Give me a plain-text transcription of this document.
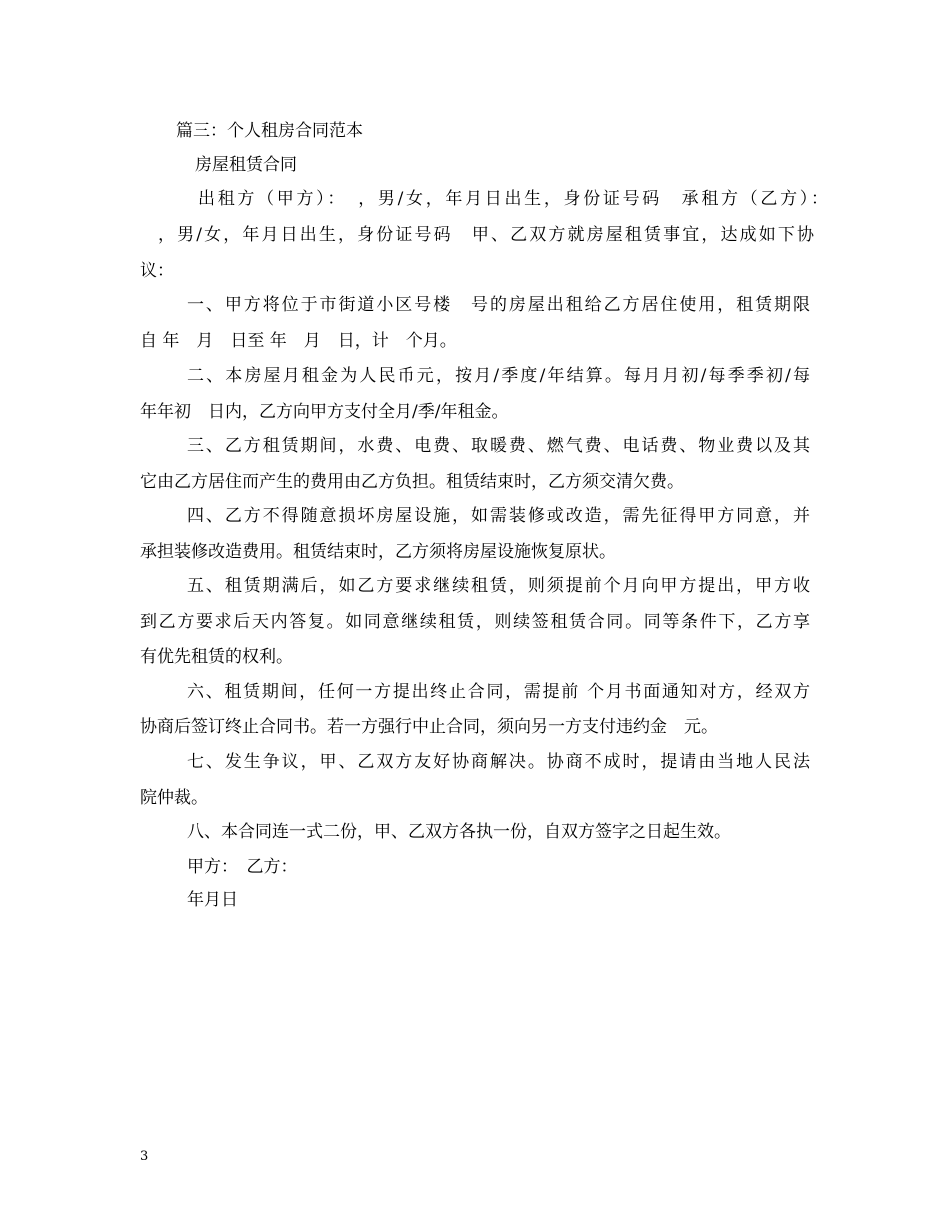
篇三：个人租房合同范本
房屋租赁合同
出租方（甲方）：　，男/女，年月日出生，身份证号码　承租方（乙方）：
，男/女，年月日出生，身份证号码　甲、乙双方就房屋租赁事宜，达成如下协
议：
一、甲方将位于市街道小区号楼　号的房屋出租给乙方居住使用，租赁期限
自 年　月　日至 年　月　日，计　个月。
二、本房屋月租金为人民币元，按月/季度/年结算。每月月初/每季季初/每
年年初　日内，乙方向甲方支付全月/季/年租金。
三、乙方租赁期间，水费、电费、取暖费、燃气费、电话费、物业费以及其
它由乙方居住而产生的费用由乙方负担。租赁结束时，乙方须交清欠费。
四、乙方不得随意损坏房屋设施，如需装修或改造，需先征得甲方同意，并
承担装修改造费用。租赁结束时，乙方须将房屋设施恢复原状。
五、租赁期满后，如乙方要求继续租赁，则须提前个月向甲方提出，甲方收
到乙方要求后天内答复。如同意继续租赁，则续签租赁合同。同等条件下，乙方享
有优先租赁的权利。
六、租赁期间，任何一方提出终止合同，需提前 个月书面通知对方，经双方
协商后签订终止合同书。若一方强行中止合同，须向另一方支付违约金　元。
七、发生争议，甲、乙双方友好协商解决。协商不成时，提请由当地人民法
院仲裁。
八、本合同连一式二份，甲、乙双方各执一份，自双方签字之日起生效。
甲方：　乙方：
年月日
3
